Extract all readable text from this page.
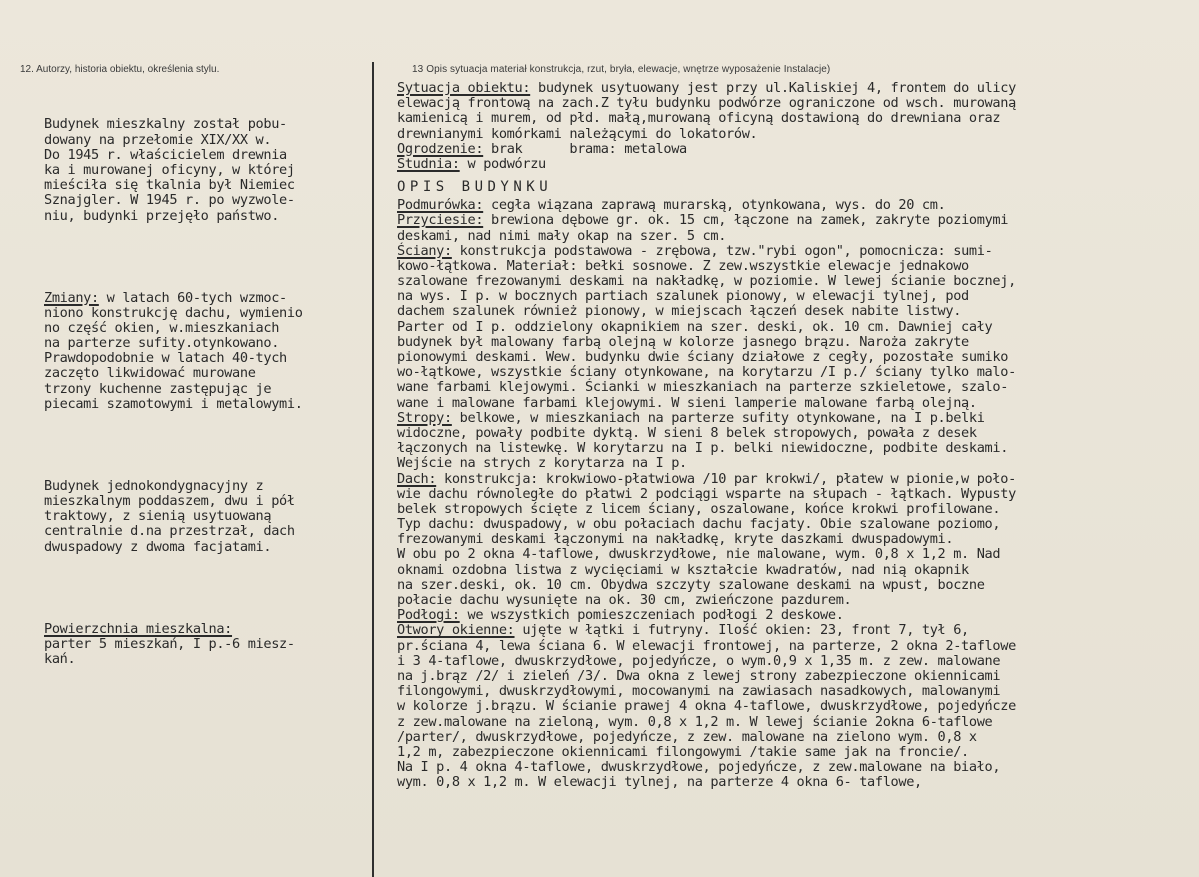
12. Autorzy, historia obiektu, określenia stylu.	13 Opis sytuacja materiał konstrukcja, rzut, bryła, elewacje, wnętrze wyposażenie Instalacje)

Budynek mieszkalny został pobu-
dowany na przełomie XIX/XX w.
Do 1945 r. właścicielem drewnia
ka i murowanej oficyny, w której
mieściła się tkalnia był Niemiec
Sznajgler. W 1945 r. po wyzwole-
niu, budynki przejęło państwo.

Zmiany: w latach 60-tych wzmoc-
niono konstrukcję dachu, wymienio
no część okien, w.mieszkaniach
na parterze sufity.otynkowano.
Prawdopodobnie w latach 40-tych
zaczęto likwidować murowane
trzony kuchenne zastępując je
piecami szamotowymi i metalowymi.

Budynek jednokondygnacyjny z
mieszkalnym poddaszem, dwu i pół
traktowy, z sienią usytuowaną
centralnie d.na przestrzał, dach
dwuspadowy z dwoma facjatami.

Powierzchnia mieszkalna:
parter 5 mieszkań, I p.-6 miesz-
kań.

Sytuacja obiektu: budynek usytuowany jest przy ul.Kaliskiej 4, frontem do ulicy
elewacją frontową na zach.Z tyłu budynku podwórze ograniczone od wsch. murowaną
kamienicą i murem, od płd. małą,murowaną oficyną dostawioną do drewniana oraz
drewnianymi komórkami należącymi do lokatorów.
Ogrodzenie: brak      brama: metalowa
Studnia: w podwórzu
OPIS BUDYNKU
Podmurówka: cegła wiązana zaprawą murarską, otynkowana, wys. do 20 cm.
Przyciesie: brewiona dębowe gr. ok. 15 cm, łączone na zamek, zakryte poziomymi
deskami, nad nimi mały okap na szer. 5 cm.
Ściany: konstrukcja podstawowa - zrębowa, tzw."rybi ogon", pomocnicza: sumi-
kowo-łątkowa. Materiał: bełki sosnowe. Z zew.wszystkie elewacje jednakowo
szalowane frezowanymi deskami na nakładkę, w poziomie. W lewej ścianie bocznej,
na wys. I p. w bocznych partiach szalunek pionowy, w elewacji tylnej, pod
dachem szalunek również pionowy, w miejscach łączeń desek nabite listwy.
Parter od I p. oddzielony okapnikiem na szer. deski, ok. 10 cm. Dawniej cały
budynek był malowany farbą olejną w kolorze jasnego brązu. Naroża zakryte
pionowymi deskami. Wew. budynku dwie ściany działowe z cegły, pozostałe sumiko
wo-łątkowe, wszystkie ściany otynkowane, na korytarzu /I p./ ściany tylko malo-
wane farbami klejowymi. Ścianki w mieszkaniach na parterze szkieletowe, szalo-
wane i malowane farbami klejowymi. W sieni lamperie malowane farbą olejną.
Stropy: belkowe, w mieszkaniach na parterze sufity otynkowane, na I p.belki
widoczne, powały podbite dyktą. W sieni 8 belek stropowych, powała z desek
łączonych na listewkę. W korytarzu na I p. belki niewidoczne, podbite deskami.
Wejście na strych z korytarza na I p.
Dach: konstrukcja: krokwiowo-płatwiowa /10 par krokwi/, płatew w pionie,w poło-
wie dachu równoległe do płatwi 2 podciągi wsparte na słupach - łątkach. Wypusty
belek stropowych ścięte z licem ściany, oszalowane, końce krokwi profilowane.
Typ dachu: dwuspadowy, w obu połaciach dachu facjaty. Obie szalowane poziomo,
frezowanymi deskami łączonymi na nakładkę, kryte daszkami dwuspadowymi.
W obu po 2 okna 4-taflowe, dwuskrzydłowe, nie malowane, wym. 0,8 x 1,2 m. Nad
oknami ozdobna listwa z wycięciami w kształcie kwadratów, nad nią okapnik
na szer.deski, ok. 10 cm. Obydwa szczyty szalowane deskami na wpust, boczne
połacie dachu wysunięte na ok. 30 cm, zwieńczone pazdurem.
Podłogi: we wszystkich pomieszczeniach podłogi 2 deskowe.
Otwory okienne: ujęte w łątki i futryny. Ilość okien: 23, front 7, tył 6,
pr.ściana 4, lewa ściana 6. W elewacji frontowej, na parterze, 2 okna 2-taflowe
i 3 4-taflowe, dwuskrzydłowe, pojedyńcze, o wym.0,9 x 1,35 m. z zew. malowane
na j.brąz /2/ i zieleń /3/. Dwa okna z lewej strony zabezpieczone okiennicami
filongowymi, dwuskrzydłowymi, mocowanymi na zawiasach nasadkowych, malowanymi
w kolorze j.brązu. W ścianie prawej 4 okna 4-taflowe, dwuskrzydłowe, pojedyńcze
z zew.malowane na zieloną, wym. 0,8 x 1,2 m. W lewej ścianie 2okna 6-taflowe
/parter/, dwuskrzydłowe, pojedyńcze, z zew. malowane na zielono wym. 0,8 x
1,2 m, zabezpieczone okiennicami filongowymi /takie same jak na froncie/.
Na I p. 4 okna 4-taflowe, dwuskrzydłowe, pojedyńcze, z zew.malowane na biało,
wym. 0,8 x 1,2 m. W elewacji tylnej, na parterze 4 okna 6- taflowe,
